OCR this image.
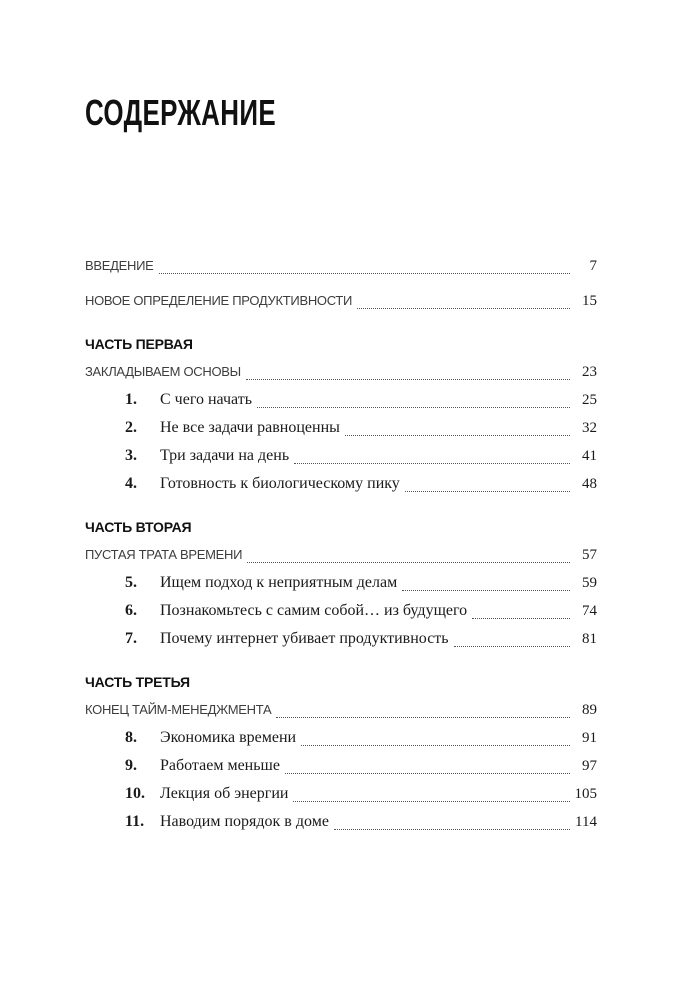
СОДЕРЖАНИЕ
ВВЕДЕНИЕ	7
НОВОЕ ОПРЕДЕЛЕНИЕ ПРОДУКТИВНОСТИ	15

ЧАСТЬ ПЕРВАЯ

ЗАКЛАДЫВАЕМ ОСНОВЫ	23
1.	С чего начать	25
2.	Не все задачи равноценны	32
3.	Три задачи на день	41
4.	Готовность к биологическому пику	48

ЧАСТЬ ВТОРАЯ

ПУСТАЯ ТРАТА ВРЕМЕНИ	57
5.	Ищем подход к неприятным делам	59
6.	Познакомьтесь с самим собой… из будущего	74
7.	Почему интернет убивает продуктивность	81

ЧАСТЬ ТРЕТЬЯ

КОНЕЦ ТАЙМ-МЕНЕДЖМЕНТА	89
8.	Экономика времени	91
9.	Работаем меньше	97
10. Лекция об энергии	105
11. Наводим порядок в доме	114
